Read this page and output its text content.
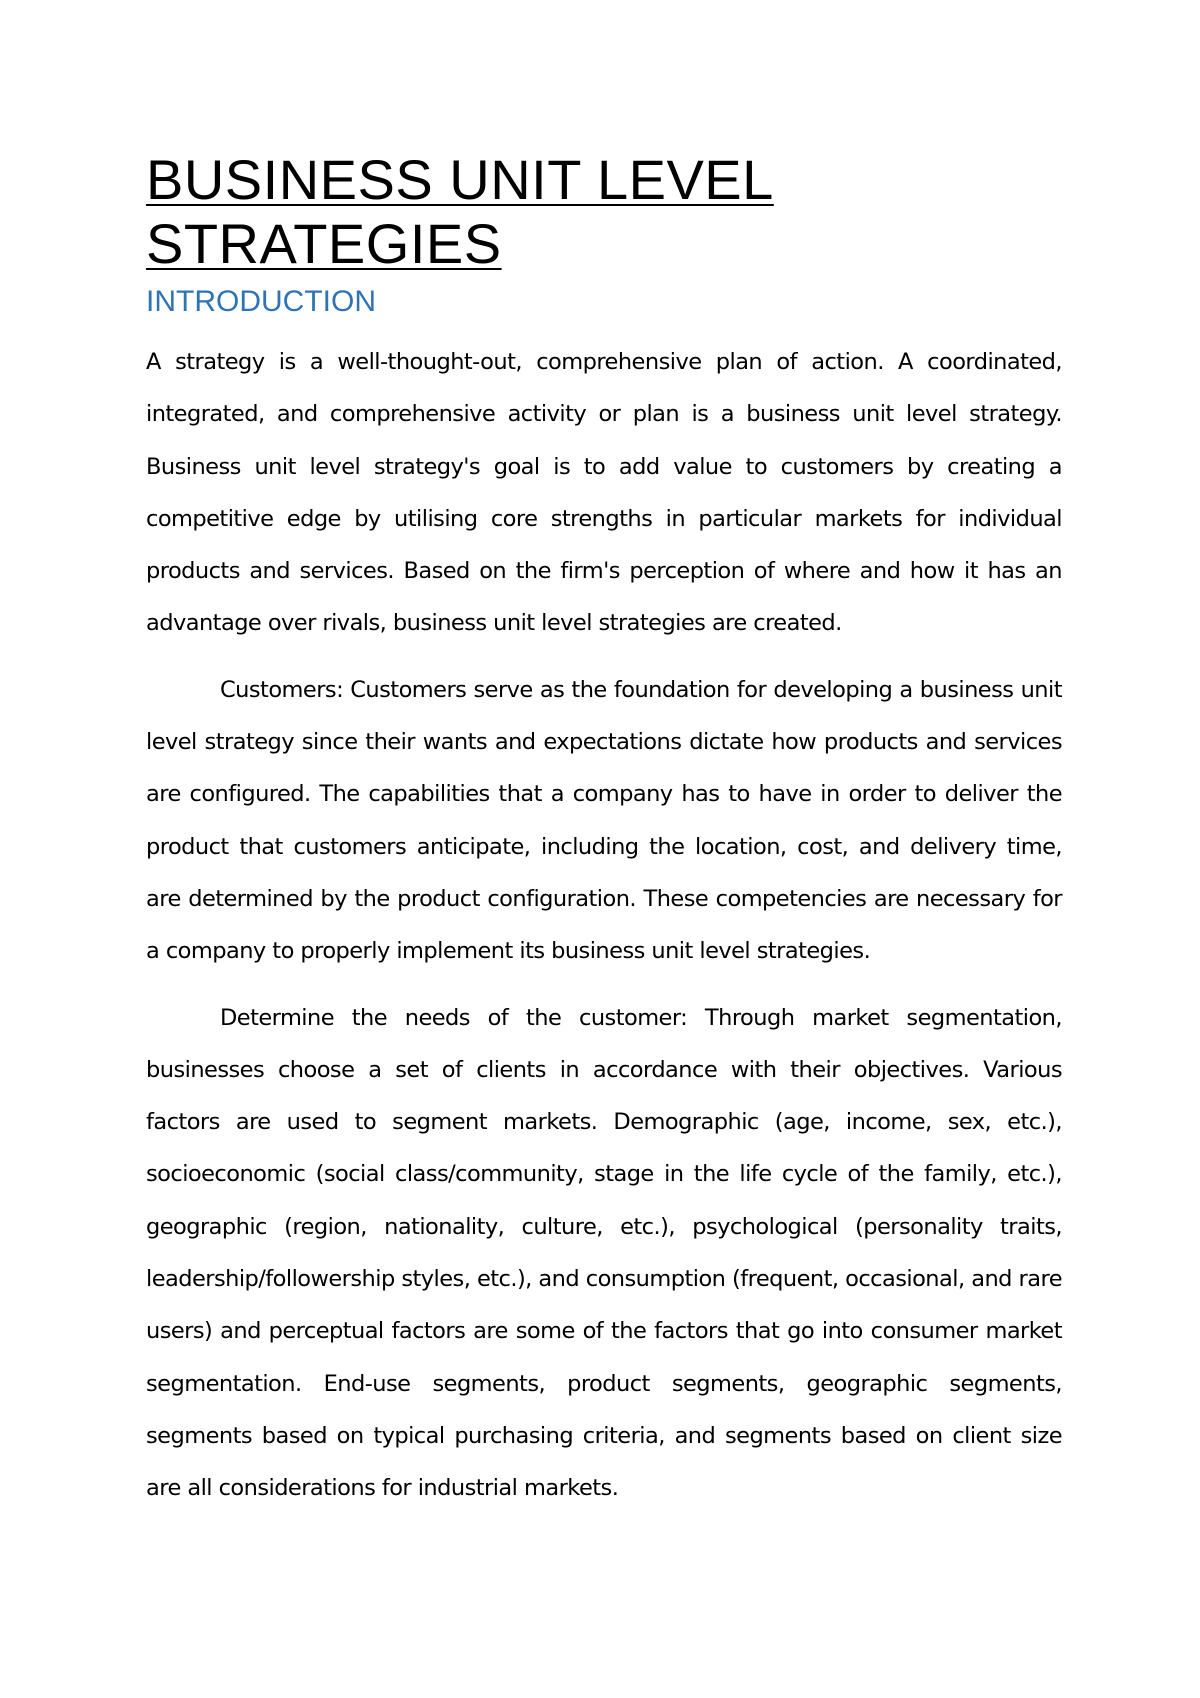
BUSINESS UNIT LEVEL STRATEGIES
INTRODUCTION

A strategy is a well-thought-out, comprehensive plan of action. A coordinated, integrated, and comprehensive activity or plan is a business unit level strategy. Business unit level strategy's goal is to add value to customers by creating a competitive edge by utilising core strengths in particular markets for individual products and services. Based on the firm's perception of where and how it has an advantage over rivals, business unit level strategies are created.

Customers: Customers serve as the foundation for developing a business unit level strategy since their wants and expectations dictate how products and services are configured. The capabilities that a company has to have in order to deliver the product that customers anticipate, including the location, cost, and delivery time, are determined by the product configuration. These competencies are necessary for a company to properly implement its business unit level strategies.

Determine the needs of the customer: Through market segmentation, businesses choose a set of clients in accordance with their objectives. Various factors are used to segment markets. Demographic (age, income, sex, etc.), socioeconomic (social class/community, stage in the life cycle of the family, etc.), geographic (region, nationality, culture, etc.), psychological (personality traits, leadership/followership styles, etc.), and consumption (frequent, occasional, and rare users) and perceptual factors are some of the factors that go into consumer market segmentation. End-use segments, product segments, geographic segments, segments based on typical purchasing criteria, and segments based on client size are all considerations for industrial markets.
